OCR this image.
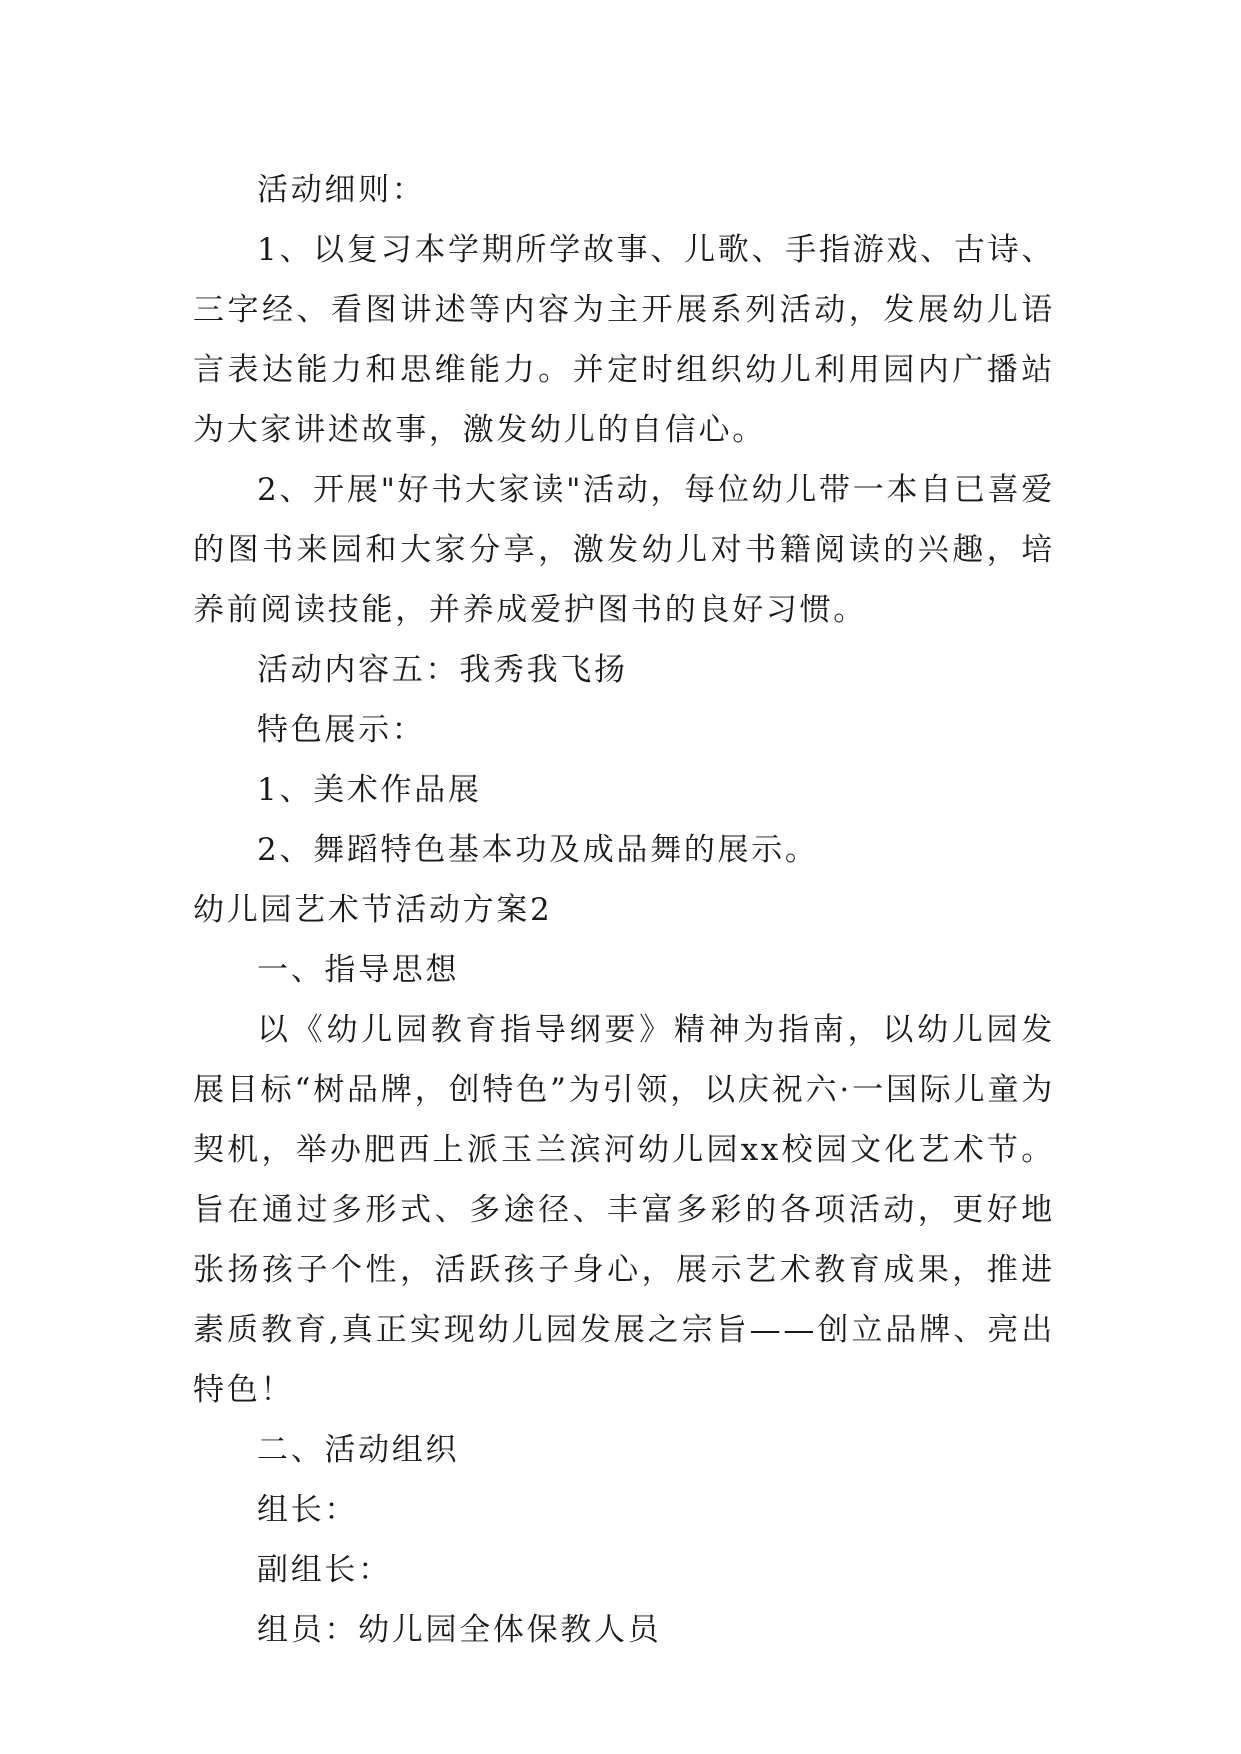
活动细则：

1、以复习本学期所学故事、儿歌、手指游戏、古诗、三字经、看图讲述等内容为主开展系列活动，发展幼儿语言表达能力和思维能力。并定时组织幼儿利用园内广播站为大家讲述故事，激发幼儿的自信心。

2、开展"好书大家读"活动，每位幼儿带一本自已喜爱的图书来园和大家分享，激发幼儿对书籍阅读的兴趣，培养前阅读技能，并养成爱护图书的良好习惯。

活动内容五：我秀我飞扬

特色展示：

1、美术作品展

2、舞蹈特色基本功及成品舞的展示。

幼儿园艺术节活动方案2

一、指导思想

以《幼儿园教育指导纲要》精神为指南，以幼儿园发展目标“树品牌，创特色”为引领，以庆祝六·一国际儿童为契机，举办肥西上派玉兰滨河幼儿园xx校园文化艺术节。旨在通过多形式、多途径、丰富多彩的各项活动，更好地张扬孩子个性，活跃孩子身心，展示艺术教育成果，推进素质教育,真正实现幼儿园发展之宗旨——创立品牌、亮出特色！

二、活动组织

组长：

副组长：

组员：幼儿园全体保教人员
